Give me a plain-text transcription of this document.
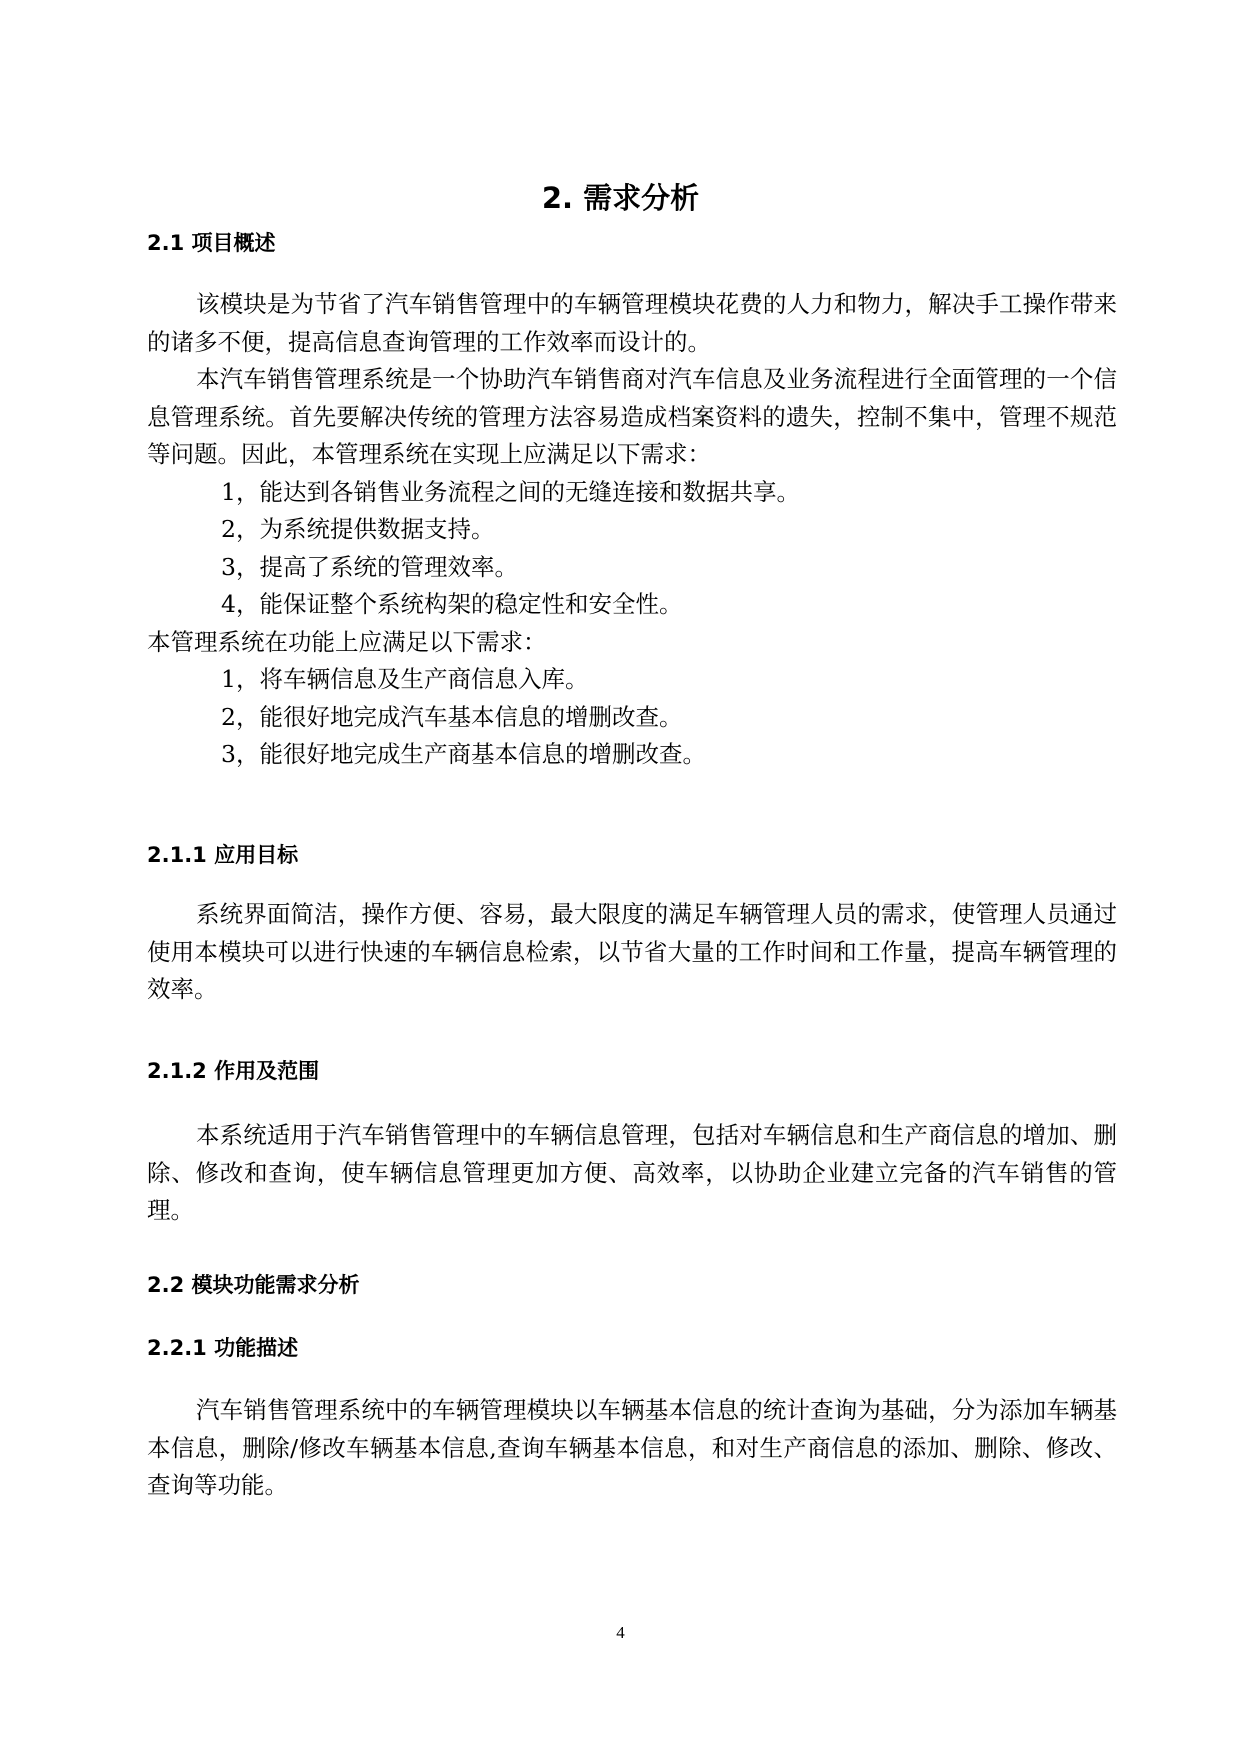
2. 需求分析
2.1 项目概述

该模块是为节省了汽车销售管理中的车辆管理模块花费的人力和物力，解决手工操作带来的诸多不便，提高信息查询管理的工作效率而设计的。

本汽车销售管理系统是一个协助汽车销售商对汽车信息及业务流程进行全面管理的一个信息管理系统。首先要解决传统的管理方法容易造成档案资料的遗失，控制不集中，管理不规范等问题。因此，本管理系统在实现上应满足以下需求：

1，能达到各销售业务流程之间的无缝连接和数据共享。

2，为系统提供数据支持。

3，提高了系统的管理效率。

4，能保证整个系统构架的稳定性和安全性。

本管理系统在功能上应满足以下需求：

1，将车辆信息及生产商信息入库。

2，能很好地完成汽车基本信息的增删改查。

3，能很好地完成生产商基本信息的增删改查。

2.1.1 应用目标

系统界面简洁，操作方便、容易，最大限度的满足车辆管理人员的需求，使管理人员通过使用本模块可以进行快速的车辆信息检索，以节省大量的工作时间和工作量，提高车辆管理的效率。

2.1.2 作用及范围

本系统适用于汽车销售管理中的车辆信息管理，包括对车辆信息和生产商信息的增加、删除、修改和查询，使车辆信息管理更加方便、高效率，以协助企业建立完备的汽车销售的管理。

2.2 模块功能需求分析
2.2.1 功能描述

汽车销售管理系统中的车辆管理模块以车辆基本信息的统计查询为基础，分为添加车辆基本信息，删除/修改车辆基本信息,查询车辆基本信息，和对生产商信息的添加、删除、修改、查询等功能。

4
